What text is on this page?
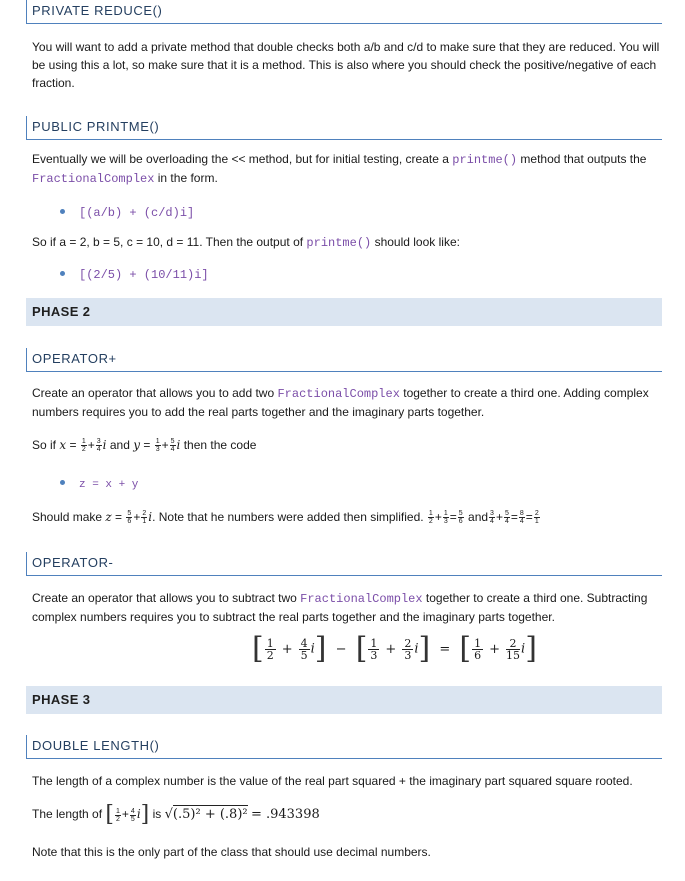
PRIVATE REDUCE()
You will want to add a private method that double checks both a/b and c/d to make sure that they are reduced. You will be using this a lot, so make sure that it is a method. This is also where you should check the positive/negative of each fraction.
PUBLIC PRINTME()
Eventually we will be overloading the << method, but for initial testing, create a printme() method that outputs the FractionalComplex in the form.
[(a/b) + (c/d)i]
So if a = 2, b = 5, c = 10, d = 11. Then the output of printme() should look like:
[(2/5) + (10/11)i]
PHASE 2
OPERATOR+
Create an operator that allows you to add two FractionalComplex together to create a third one. Adding complex numbers requires you to add the real parts together and the imaginary parts together.
So if $x = \frac{1}{2} + \frac{3}{4}$ i and $y = \frac{1}{3} + \frac{5}{4}$ i then the code
z = x + y
Should make $z = \frac{5}{6} + \frac{2}{1} i$. Note that he numbers were added then simplified. $\frac{1}{2} + \frac{1}{3} = \frac{5}{6}$ and $\frac{3}{4} + \frac{5}{4} = \frac{8}{4} = \frac{2}{1}$
OPERATOR-
Create an operator that allows you to subtract two FractionalComplex together to create a third one. Subtracting complex numbers requires you to subtract the real parts together and the imaginary parts together.
[ $\frac{1}{2} + \frac{4}{5} i$] − [ $\frac{1}{3} + \frac{2}{3} i$] = [ $\frac{1}{6} + \frac{2}{15} i$]
PHASE 3
DOUBLE LENGTH()
The length of a complex number is the value of the real part squared + the imaginary part squared square rooted.
The length of [ $\frac{1}{2} + \frac{4}{5} i$] is √(.5)² + (.8)² = .943398
Note that this is the only part of the class that should use decimal numbers.
